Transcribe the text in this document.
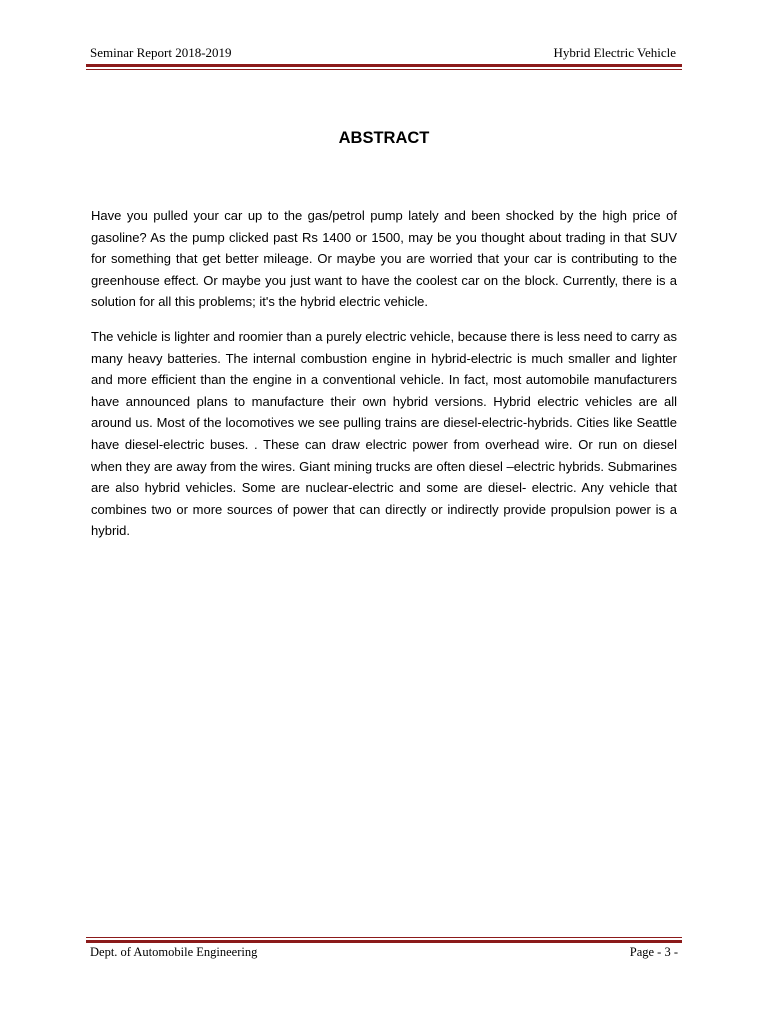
Seminar Report 2018-2019	Hybrid Electric Vehicle
ABSTRACT

Have you pulled your car up to the gas/petrol pump lately and been shocked by the high price of gasoline? As the pump clicked past Rs 1400 or 1500, may be you thought about trading in that SUV for something that get better mileage. Or maybe you are worried that your car is contributing to the greenhouse effect. Or maybe you just want to have the coolest car on the block. Currently, there is a solution for all this problems; it's the hybrid electric vehicle.

The vehicle is lighter and roomier than a purely electric vehicle, because there is less need to carry as many heavy batteries. The internal combustion engine in hybrid-electric is much smaller and lighter and more efficient than the engine in a conventional vehicle. In fact, most automobile manufacturers have announced plans to manufacture their own hybrid versions. Hybrid electric vehicles are all around us. Most of the locomotives we see pulling trains are diesel-electric-hybrids. Cities like Seattle have diesel-electric buses. . These can draw electric power from overhead wire. Or run on diesel when they are away from the wires. Giant mining trucks are often diesel –electric hybrids. Submarines are also hybrid vehicles. Some are nuclear-electric and some are diesel- electric. Any vehicle that combines two or more sources of power that can directly or indirectly provide propulsion power is a hybrid.

Dept. of Automobile Engineering	Page - 3 -
